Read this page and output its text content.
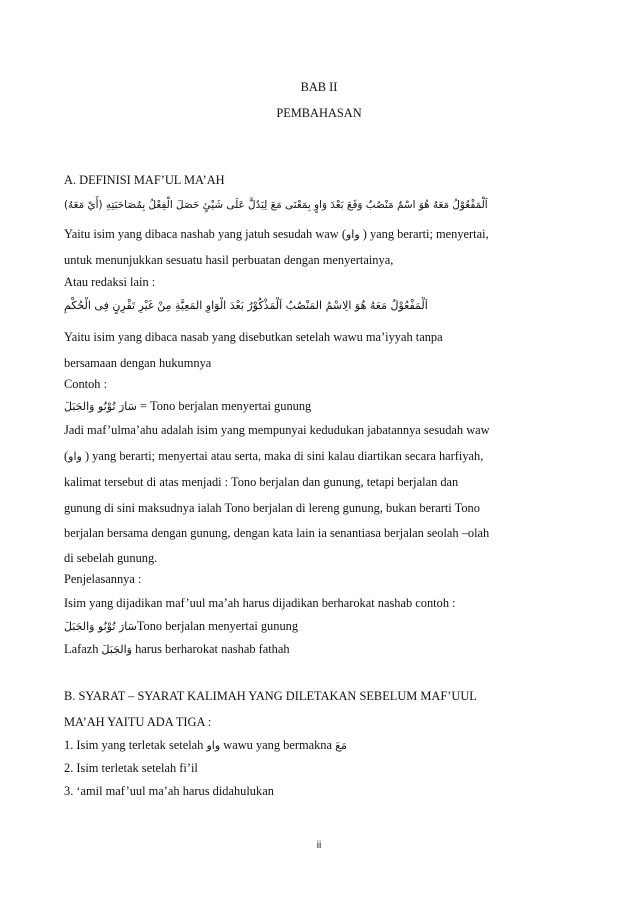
BAB II
PEMBAHASAN
A. DEFINISI MAF’UL MA’AH
اَلْمَفْعُوْلُ مَعَهُ هُوَ اسْمٌ مَنْصُبٌ وَقَعَ بَعْدَ وَاوٍ بِمَعْنَى مَعَ لِيَدُلَّ عَلَى شَيْئٍ حَصَلَ الْفِعْلُ بِمُصَاحَبَتِهِ (أَيْ مَعَهُ)
Yaitu isim yang dibaca nashab yang jatuh sesudah waw (واو ) yang berarti; menyertai,
untuk menunjukkan sesuatu hasil perbuatan dengan menyertainya,
Atau redaksi lain :
اَلْمَفْعُوْلُ مَعَهُ هُوَ الِاسْمُ المَنْصُبُ اَلْمَذْكُوْرُ بَعْدَ الْوَاوِ المَعِيَّةِ مِنْ غَيْرِ تَقْرِنٍ فِى الْحُكْمِ
Yaitu isim yang dibaca nasab yang disebutkan setelah wawu ma’iyyah tanpa
bersamaan dengan hukumnya
Contoh :
سَارَ تُوْنُو وَالجَبَلَ = Tono berjalan menyertai gunung
Jadi maf’ulma’ahu adalah isim yang mempunyai kedudukan jabatannya sesudah waw
(واو ) yang berarti; menyertai atau serta, maka di sini kalau diartikan secara harfiyah,
kalimat tersebut di atas menjadi : Tono berjalan dan gunung, tetapi berjalan dan
gunung di sini maksudnya ialah Tono berjalan di lereng gunung, bukan berarti Tono
berjalan bersama dengan gunung, dengan kata lain ia senantiasa berjalan seolah –olah
di sebelah gunung.
Penjelasannya :
Isim yang dijadikan maf’uul ma’ah harus dijadikan berharokat nashab contoh :
سَارَ تُوْنُو وَالجَبَلَTono berjalan menyertai gunung
Lafazh وَالجَبَلَ harus berharokat nashab fathah
B. SYARAT – SYARAT KALIMAH YANG DILETAKAN SEBELUM MAF’UUL
MA’AH YAITU ADA TIGA :
1. Isim yang terletak setelah واو wawu yang bermakna مَعَ
2. Isim terletak setelah fi’il
3. ‘amil maf’uul ma’ah harus didahulukan
ii
